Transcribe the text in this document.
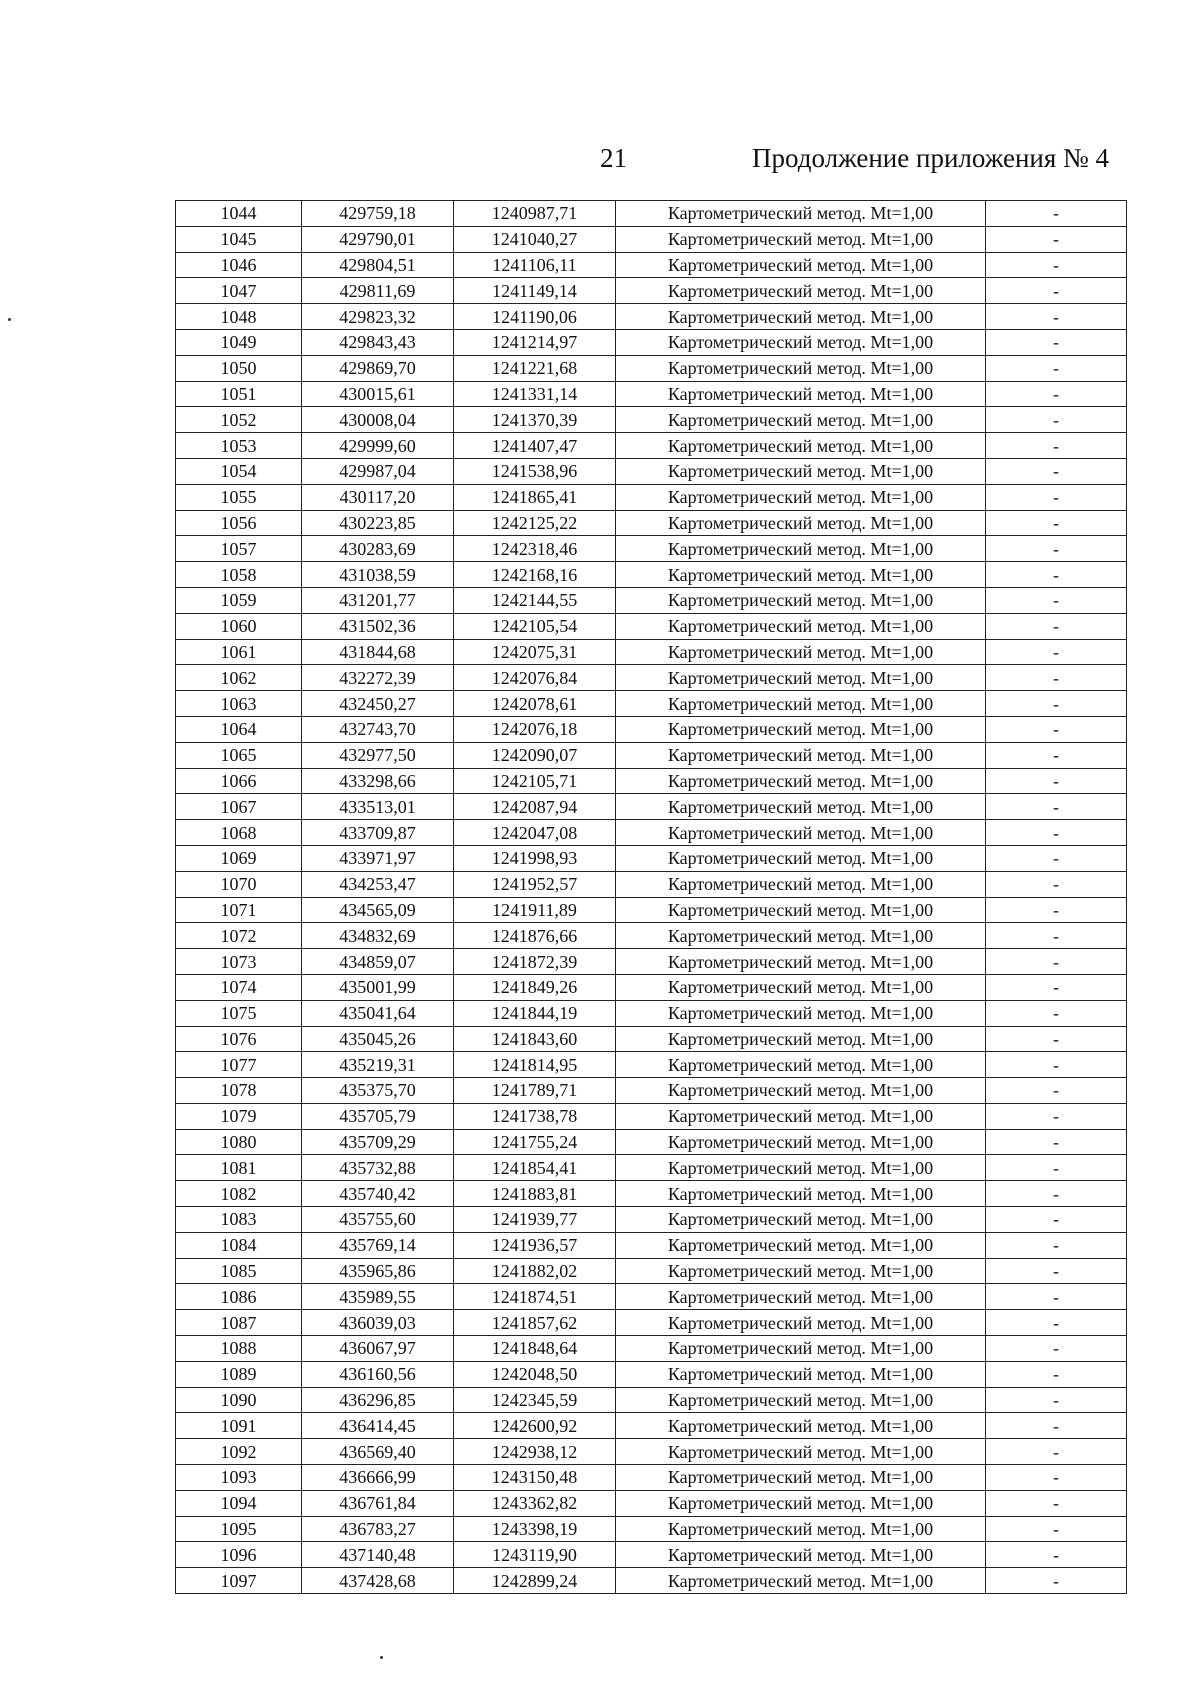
21	Продолжение приложения № 4
1044	429759,18	1240987,71	Картометрический метод. Mt=1,00	-
1045	429790,01	1241040,27	Картометрический метод. Mt=1,00	-
1046	429804,51	1241106,11	Картометрический метод. Mt=1,00	-
1047	429811,69	1241149,14	Картометрический метод. Mt=1,00	-
1048	429823,32	1241190,06	Картометрический метод. Mt=1,00	-
1049	429843,43	1241214,97	Картометрический метод. Mt=1,00	-
1050	429869,70	1241221,68	Картометрический метод. Mt=1,00	-
1051	430015,61	1241331,14	Картометрический метод. Mt=1,00	-
1052	430008,04	1241370,39	Картометрический метод. Mt=1,00	-
1053	429999,60	1241407,47	Картометрический метод. Mt=1,00	-
1054	429987,04	1241538,96	Картометрический метод. Mt=1,00	-
1055	430117,20	1241865,41	Картометрический метод. Mt=1,00	-
1056	430223,85	1242125,22	Картометрический метод. Mt=1,00	-
1057	430283,69	1242318,46	Картометрический метод. Mt=1,00	-
1058	431038,59	1242168,16	Картометрический метод. Mt=1,00	-
1059	431201,77	1242144,55	Картометрический метод. Mt=1,00	-
1060	431502,36	1242105,54	Картометрический метод. Mt=1,00	-
1061	431844,68	1242075,31	Картометрический метод. Mt=1,00	-
1062	432272,39	1242076,84	Картометрический метод. Mt=1,00	-
1063	432450,27	1242078,61	Картометрический метод. Mt=1,00	-
1064	432743,70	1242076,18	Картометрический метод. Mt=1,00	-
1065	432977,50	1242090,07	Картометрический метод. Mt=1,00	-
1066	433298,66	1242105,71	Картометрический метод. Mt=1,00	-
1067	433513,01	1242087,94	Картометрический метод. Mt=1,00	-
1068	433709,87	1242047,08	Картометрический метод. Mt=1,00	-
1069	433971,97	1241998,93	Картометрический метод. Mt=1,00	-
1070	434253,47	1241952,57	Картометрический метод. Mt=1,00	-
1071	434565,09	1241911,89	Картометрический метод. Mt=1,00	-
1072	434832,69	1241876,66	Картометрический метод. Mt=1,00	-
1073	434859,07	1241872,39	Картометрический метод. Mt=1,00	-
1074	435001,99	1241849,26	Картометрический метод. Mt=1,00	-
1075	435041,64	1241844,19	Картометрический метод. Mt=1,00	-
1076	435045,26	1241843,60	Картометрический метод. Mt=1,00	-
1077	435219,31	1241814,95	Картометрический метод. Mt=1,00	-
1078	435375,70	1241789,71	Картометрический метод. Mt=1,00	-
1079	435705,79	1241738,78	Картометрический метод. Mt=1,00	-
1080	435709,29	1241755,24	Картометрический метод. Mt=1,00	-
1081	435732,88	1241854,41	Картометрический метод. Mt=1,00	-
1082	435740,42	1241883,81	Картометрический метод. Mt=1,00	-
1083	435755,60	1241939,77	Картометрический метод. Mt=1,00	-
1084	435769,14	1241936,57	Картометрический метод. Mt=1,00	-
1085	435965,86	1241882,02	Картометрический метод. Mt=1,00	-
1086	435989,55	1241874,51	Картометрический метод. Mt=1,00	-
1087	436039,03	1241857,62	Картометрический метод. Mt=1,00	-
1088	436067,97	1241848,64	Картометрический метод. Mt=1,00	-
1089	436160,56	1242048,50	Картометрический метод. Mt=1,00	-
1090	436296,85	1242345,59	Картометрический метод. Mt=1,00	-
1091	436414,45	1242600,92	Картометрический метод. Mt=1,00	-
1092	436569,40	1242938,12	Картометрический метод. Mt=1,00	-
1093	436666,99	1243150,48	Картометрический метод. Mt=1,00	-
1094	436761,84	1243362,82	Картометрический метод. Mt=1,00	-
1095	436783,27	1243398,19	Картометрический метод. Mt=1,00	-
1096	437140,48	1243119,90	Картометрический метод. Mt=1,00	-
1097	437428,68	1242899,24	Картометрический метод. Mt=1,00	-
